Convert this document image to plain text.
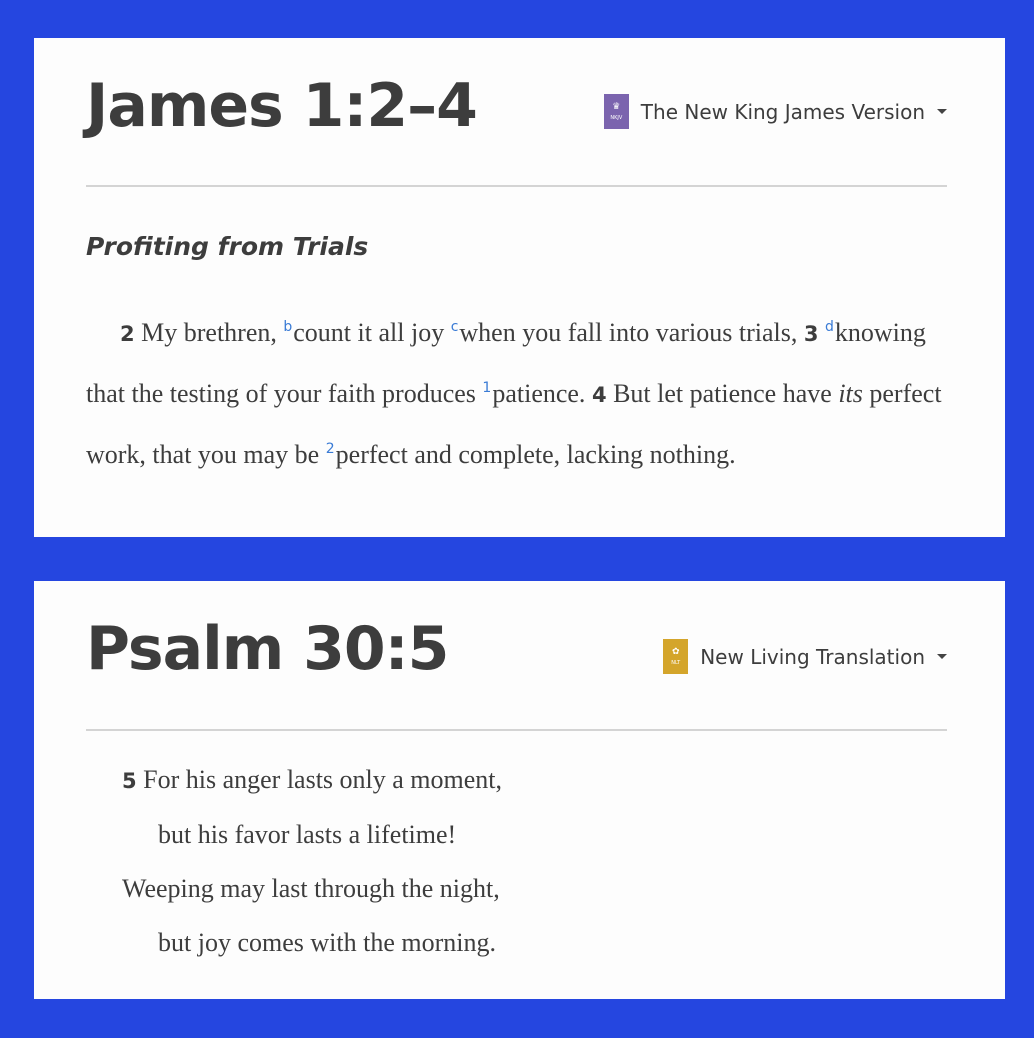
James 1:2–4	♛
NKJV The New King James Version
Profiting from Trials

2 My brethren, $^b$count it all joy $^c$when you fall into various trials, 3 $^d$knowing that the testing of your faith produces $^1$patience. 4 But let patience have its perfect work, that you may be $^2$perfect and complete, lacking nothing.

Psalm 30:5	✿
NLT New Living Translation
5 For his anger lasts only a moment,
but his favor lasts a lifetime!
Weeping may last through the night,
but joy comes with the morning.
